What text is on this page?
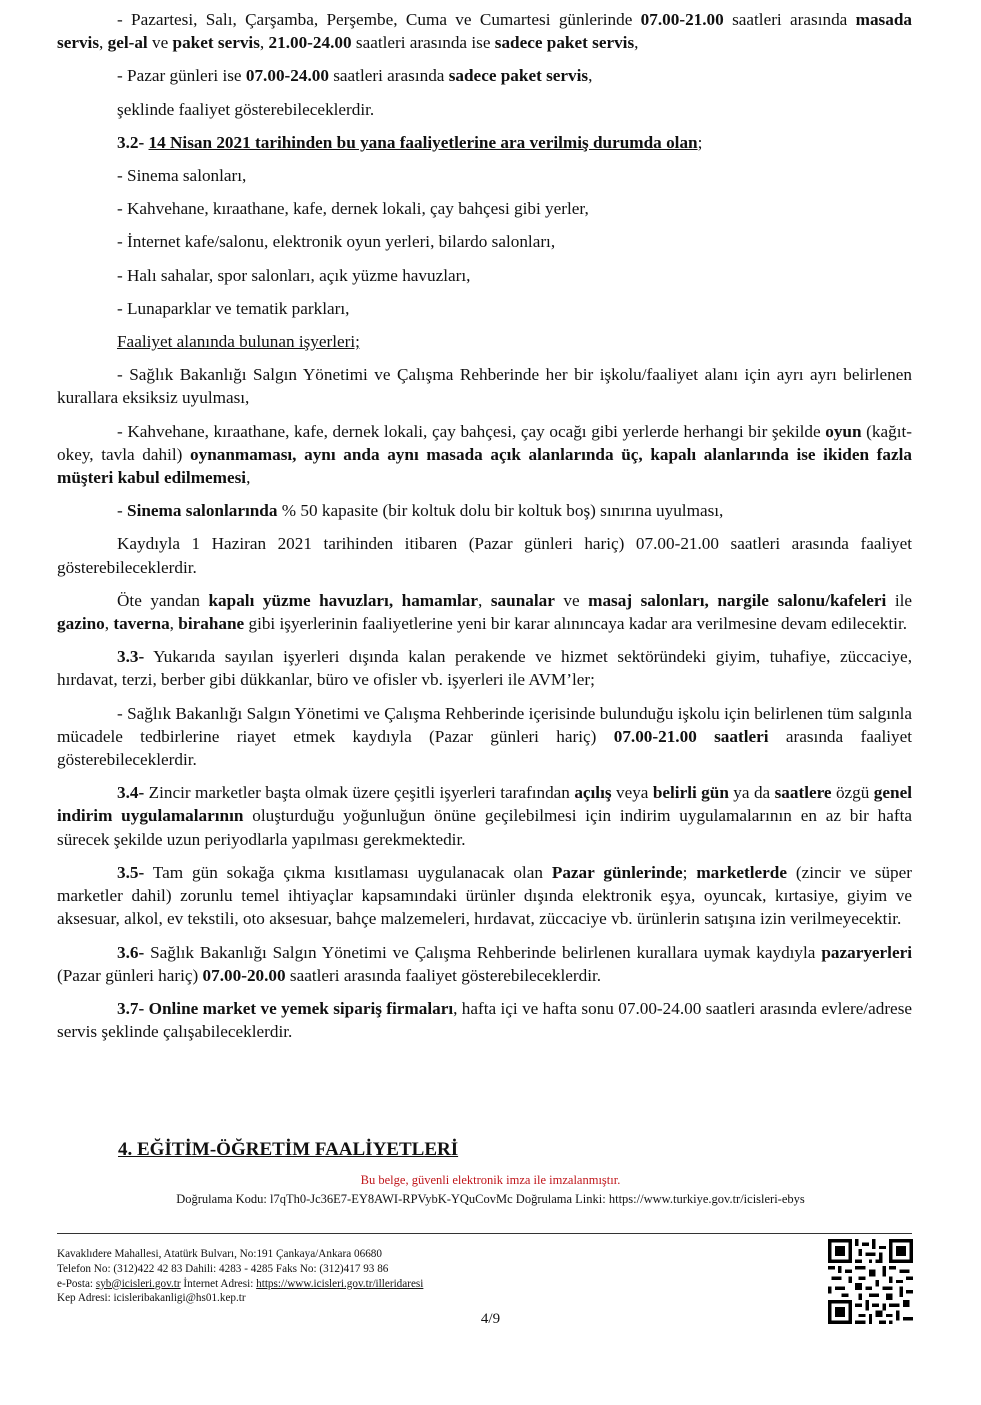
- Pazartesi, Salı, Çarşamba, Perşembe, Cuma ve Cumartesi günlerinde 07.00-21.00 saatleri arasında masada servis, gel-al ve paket servis, 21.00-24.00 saatleri arasında ise sadece paket servis,

- Pazar günleri ise 07.00-24.00 saatleri arasında sadece paket servis,

şeklinde faaliyet gösterebileceklerdir.

3.2- 14 Nisan 2021 tarihinden bu yana faaliyetlerine ara verilmiş durumda olan;

- Sinema salonları,

- Kahvehane, kıraathane, kafe, dernek lokali, çay bahçesi gibi yerler,

- İnternet kafe/salonu, elektronik oyun yerleri, bilardo salonları,

- Halı sahalar, spor salonları, açık yüzme havuzları,

- Lunaparklar ve tematik parkları,

Faaliyet alanında bulunan işyerleri;

- Sağlık Bakanlığı Salgın Yönetimi ve Çalışma Rehberinde her bir işkolu/faaliyet alanı için ayrı ayrı belirlenen kurallara eksiksiz uyulması,

- Kahvehane, kıraathane, kafe, dernek lokali, çay bahçesi, çay ocağı gibi yerlerde herhangi bir şekilde oyun (kağıt-okey, tavla dahil) oynanmaması, aynı anda aynı masada açık alanlarında üç, kapalı alanlarında ise ikiden fazla müşteri kabul edilmemesi,

- Sinema salonlarında % 50 kapasite (bir koltuk dolu bir koltuk boş) sınırına uyulması,

Kaydıyla 1 Haziran 2021 tarihinden itibaren (Pazar günleri hariç) 07.00-21.00 saatleri arasında faaliyet gösterebileceklerdir.

Öte yandan kapalı yüzme havuzları, hamamlar, saunalar ve masaj salonları, nargile salonu/kafeleri ile gazino, taverna, birahane gibi işyerlerinin faaliyetlerine yeni bir karar alınıncaya kadar ara verilmesine devam edilecektir.

3.3- Yukarıda sayılan işyerleri dışında kalan perakende ve hizmet sektöründeki giyim, tuhafiye, züccaciye, hırdavat, terzi, berber gibi dükkanlar, büro ve ofisler vb. işyerleri ile AVM’ler;

- Sağlık Bakanlığı Salgın Yönetimi ve Çalışma Rehberinde içerisinde bulunduğu işkolu için belirlenen tüm salgınla mücadele tedbirlerine riayet etmek kaydıyla (Pazar günleri hariç) 07.00-21.00 saatleri arasında faaliyet gösterebileceklerdir.

3.4- Zincir marketler başta olmak üzere çeşitli işyerleri tarafından açılış veya belirli gün ya da saatlere özgü genel indirim uygulamalarının oluşturduğu yoğunluğun önüne geçilebilmesi için indirim uygulamalarının en az bir hafta sürecek şekilde uzun periyodlarla yapılması gerekmektedir.

3.5- Tam gün sokağa çıkma kısıtlaması uygulanacak olan Pazar günlerinde; marketlerde (zincir ve süper marketler dahil) zorunlu temel ihtiyaçlar kapsamındaki ürünler dışında elektronik eşya, oyuncak, kırtasiye, giyim ve aksesuar, alkol, ev tekstili, oto aksesuar, bahçe malzemeleri, hırdavat, züccaciye vb. ürünlerin satışına izin verilmeyecektir.

3.6- Sağlık Bakanlığı Salgın Yönetimi ve Çalışma Rehberinde belirlenen kurallara uymak kaydıyla pazaryerleri (Pazar günleri hariç) 07.00-20.00 saatleri arasında faaliyet gösterebileceklerdir.

3.7- Online market ve yemek sipariş firmaları, hafta içi ve hafta sonu 07.00-24.00 saatleri arasında evlere/adrese servis şeklinde çalışabileceklerdir.

4. EĞİTİM-ÖĞRETİM FAALİYETLERİ
Bu belge, güvenli elektronik imza ile imzalanmıştır.
Doğrulama Kodu: l7qTh0-Jc36E7-EY8AWI-RPVybK-YQuCovMc Doğrulama Linki: https://www.turkiye.gov.tr/icisleri-ebys
Kavaklıdere Mahallesi, Atatürk Bulvarı, No:191 Çankaya/Ankara 06680
Telefon No: (312)422 42 83 Dahili: 4283 - 4285 Faks No: (312)417 93 86
e-Posta: syb@icisleri.gov.tr İnternet Adresi: https://www.icisleri.gov.tr/illeridaresi
Kep Adresi: icisleribakanligi@hs01.kep.tr
4/9
